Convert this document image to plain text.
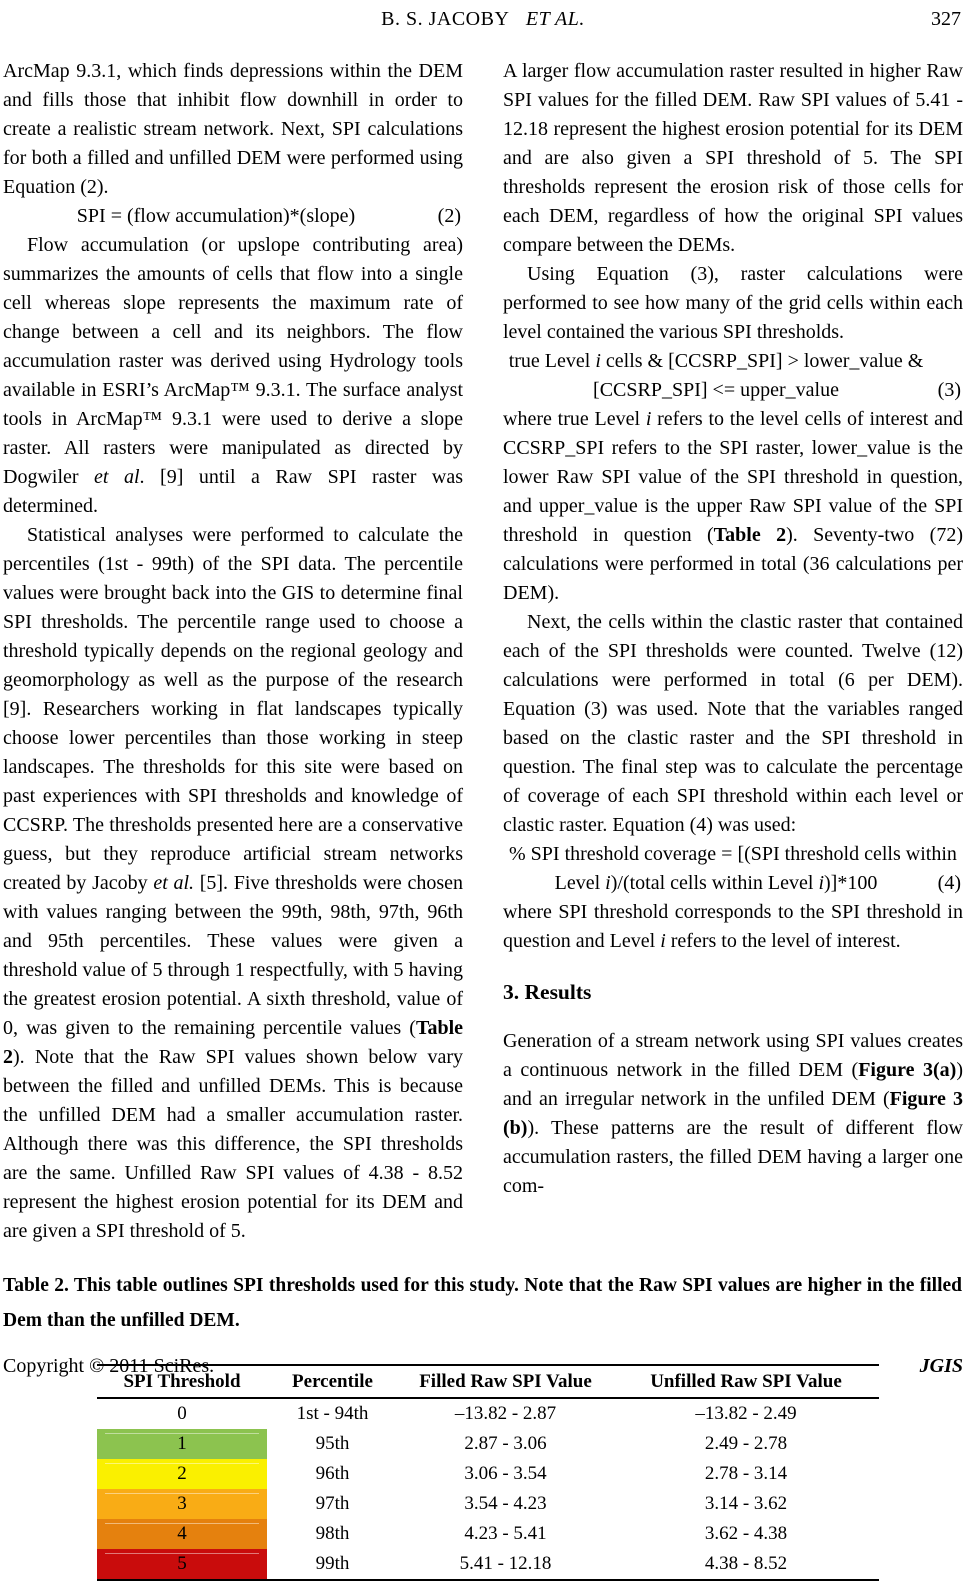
B. S. JACOBY ET AL.	327

ArcMap 9.3.1, which finds depressions within the DEM and fills those that inhibit flow downhill in order to create a realistic stream network. Next, SPI calculations for both a filled and unfilled DEM were performed using Equation (2).

SPI = (flow accumulation)*(slope)	(2)

Flow accumulation (or upslope contributing area) summarizes the amounts of cells that flow into a single cell whereas slope represents the maximum rate of change between a cell and its neighbors. The flow accumulation raster was derived using Hydrology tools available in ESRI’s ArcMap™ 9.3.1. The surface analyst tools in ArcMap™ 9.3.1 were used to derive a slope raster. All rasters were manipulated as directed by Dogwiler et al. [9] until a Raw SPI raster was determined.

Statistical analyses were performed to calculate the percentiles (1st - 99th) of the SPI data. The percentile values were brought back into the GIS to determine final SPI thresholds. The percentile range used to choose a threshold typically depends on the regional geology and geomorphology as well as the purpose of the research [9]. Researchers working in flat landscapes typically choose lower percentiles than those working in steep landscapes. The thresholds for this site were based on past experiences with SPI thresholds and knowledge of CCSRP. The thresholds presented here are a conservative guess, but they reproduce artificial stream networks created by Jacoby et al. [5]. Five thresholds were chosen with values ranging between the 99th, 98th, 97th, 96th and 95th percentiles. These values were given a threshold value of 5 through 1 respectfully, with 5 having the greatest erosion potential. A sixth threshold, value of 0, was given to the remaining percentile values (Table 2). Note that the Raw SPI values shown below vary between the filled and unfilled DEMs. This is because the unfilled DEM had a smaller accumulation raster. Although there was this difference, the SPI thresholds are the same. Unfilled Raw SPI values of 4.38 - 8.52 represent the highest erosion potential for its DEM and are given a SPI threshold of 5.

A larger flow accumulation raster resulted in higher Raw SPI values for the filled DEM. Raw SPI values of 5.41 - 12.18 represent the highest erosion potential for its DEM and are also given a SPI threshold of 5. The SPI thresholds represent the erosion risk of those cells for each DEM, regardless of how the original SPI values compare between the DEMs.

Using Equation (3), raster calculations were performed to see how many of the grid cells within each level contained the various SPI thresholds.

true Level i cells & [CCSRP_SPI] > lower_value &
[CCSRP_SPI] <= upper_value	(3)

where true Level i refers to the level cells of interest and CCSRP_SPI refers to the SPI raster, lower_value is the lower Raw SPI value of the SPI threshold in question, and upper_value is the upper Raw SPI value of the SPI threshold in question (Table 2). Seventy-two (72) calculations were performed in total (36 calculations per DEM).

Next, the cells within the clastic raster that contained each of the SPI thresholds were counted. Twelve (12) calculations were performed in total (6 per DEM). Equation (3) was used. Note that the variables ranged based on the clastic raster and the SPI threshold in question. The final step was to calculate the percentage of coverage of each SPI threshold within each level or clastic raster. Equation (4) was used:

% SPI threshold coverage = [(SPI threshold cells within
Level i)/(total cells within Level i)]*100	(4)

where SPI threshold corresponds to the SPI threshold in question and Level i refers to the level of interest.

3. Results

Generation of a stream network using SPI values creates a continuous network in the filled DEM (Figure 3(a)) and an irregular network in the unfiled DEM (Figure 3 (b)). These patterns are the result of different flow accumulation rasters, the filled DEM having a larger one com-

Table 2. This table outlines SPI thresholds used for this study. Note that the Raw SPI values are higher in the filled Dem than the unfilled DEM.
SPI Threshold	Percentile	Filled Raw SPI Value	Unfilled Raw SPI Value
0	1st - 94th	–13.82 - 2.87	–13.82 - 2.49
1	95th	2.87 - 3.06	2.49 - 2.78
2	96th	3.06 - 3.54	2.78 - 3.14
3	97th	3.54 - 4.23	3.14 - 3.62
4	98th	4.23 - 5.41	3.62 - 4.38
5	99th	5.41 - 12.18	4.38 - 8.52
Copyright © 2011 SciRes.	JGIS
